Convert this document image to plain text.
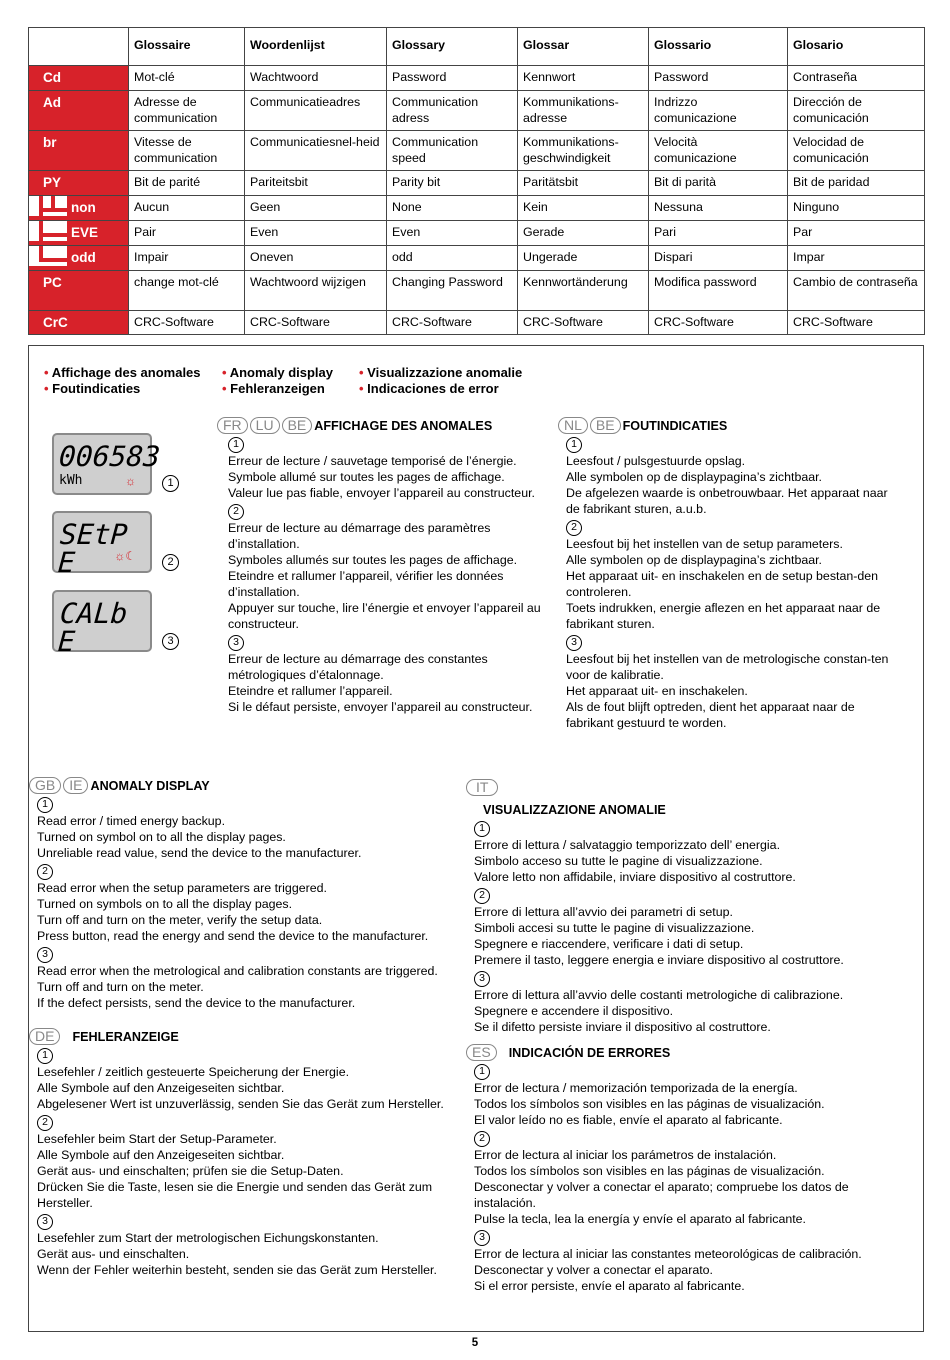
	Glossaire	Woordenlijst	Glossary	Glossar	Glossario	Glosario
Cd	Mot-clé	Wachtwoord	Password	Kennwort	Password	Contraseña
Ad	Adresse de communication	Communicatieadres	Communication adress	Kommunikations-adresse	Indrizzo comunicazione	Dirección de comunicación
br	Vitesse de communication	Communicatiesnel-heid	Communication speed	Kommunikations-geschwindigkeit	Velocità comunicazione	Velocidad de comunicación
PY	Bit de parité	Pariteitsbit	Parity bit	Paritätsbit	Bit di parità	Bit de paridad

non	Aucun	Geen	None	Kein	Nessuna	Ninguno

EVE	Pair	Even	Even	Gerade	Pari	Par

odd	Impair	Oneven	odd	Ungerade	Dispari	Impar
PC	change mot-clé	Wachtwoord wijzigen	Changing Password	Kennwortänderung	Modifica password	Cambio de contraseña
CrC	CRC-Software	CRC-Software	CRC-Software	CRC-Software	CRC-Software	CRC-Software
• Affichage des anomales • Anomaly display • Visualizzazione anomalie
• Foutindicaties	• Fehleranzeigen	• Indicaciones de error
006583
kWh	☼	1
SEtP E	☼☾	2
CALb E	3
FR	LU	BE AFFICHAGE DES ANOMALES
1

Erreur de lecture / sauvetage temporisé de l’énergie.

Symbole allumé sur toutes les pages de affichage.

Valeur lue pas fiable, envoyer l’appareil au constructeur.

2

Erreur de lecture au démarrage des paramètres d’installation.

Symboles allumés sur toutes les pages de affichage.

Eteindre et rallumer l’appareil, vérifier les données d’installation.

Appuyer sur touche, lire l’énergie et envoyer l’appareil au constructeur.

3

Erreur de lecture au démarrage des constantes métrologiques d’étalonnage.

Eteindre et rallumer l’appareil.

Si le défaut persiste, envoyer l’appareil au constructeur.

NL	BE FOUTINDICATIES
1

Leesfout / pulsgestuurde opslag.

Alle symbolen op de displaypagina’s zichtbaar.

De afgelezen waarde is onbetrouwbaar. Het apparaat naar de fabrikant sturen, a.u.b.

2

Leesfout bij het instellen van de setup parameters.

Alle symbolen op de displaypagina’s zichtbaar.

Het apparaat uit- en inschakelen en de setup bestan-den controleren.

Toets indrukken, energie aflezen en het apparaat naar de fabrikant sturen.

3

Leesfout bij het instellen van de metrologische constan-ten voor de kalibratie.

Het apparaat uit- en inschakelen.

Als de fout blijft optreden, dient het apparaat naar de fabrikant gestuurd te worden.

GB	IE ANOMALY DISPLAY
1

Read error / timed energy backup.

Turned on symbol on to all the display pages.

Unreliable read value, send the device to the manufacturer.

2

Read error when the setup parameters are triggered.

Turned on symbols on to all the display pages.

Turn off and turn on the meter, verify the setup data.

Press button, read the energy and send the device to the manufacturer.

3

Read error when the metrological and calibration constants are triggered. Turn off and turn on the meter.

If the defect persists, send the device to the manufacturer.

DE	FEHLERANZEIGE
1

Lesefehler / zeitlich gesteuerte Speicherung der Energie.

Alle Symbole auf den Anzeigeseiten sichtbar.

Abgelesener Wert ist unzuverlässig, senden Sie das Gerät zum Hersteller.

2

Lesefehler beim Start der Setup-Parameter.

Alle Symbole auf den Anzeigeseiten sichtbar.

Gerät aus- und einschalten; prüfen sie die Setup-Daten.

Drücken Sie die Taste, lesen sie die Energie und senden das Gerät zum Hersteller.

3

Lesefehler zum Start der metrologischen Eichungskonstanten.

Gerät aus- und einschalten.

Wenn der Fehler weiterhin besteht, senden sie das Gerät zum Hersteller.

IT
VISUALIZZAZIONE ANOMALIE
1

Errore di lettura / salvataggio temporizzato dell’ energia.

Simbolo acceso su tutte le pagine di visualizzazione.

Valore letto non affidabile, inviare dispositivo al costruttore.

2

Errore di lettura all’avvio dei parametri di setup.

Simboli accesi su tutte le pagine di visualizzazione.

Spegnere e riaccendere, verificare i dati di setup.

Premere il tasto, leggere energia e inviare dispositivo al costruttore.

3

Errore di lettura all’avvio delle costanti metrologiche di calibrazione.

Spegnere e accendere il dispositivo.

Se il difetto persiste inviare il dispositivo al costruttore.

ES	INDICACIÓN DE ERRORES
1

Error de lectura / memorización temporizada de la energía.

Todos los símbolos son visibles en las páginas de visualización.

El valor leído no es fiable, envíe el aparato al fabricante.

2

Error de lectura al iniciar los parámetros de instalación.

Todos los símbolos son visibles en las páginas de visualización.

Desconectar y volver a conectar el aparato; compruebe los datos de instalación.

Pulse la tecla, lea la energía y envíe el aparato al fabricante.

3

Error de lectura al iniciar las constantes meteorológicas de calibración.

Desconectar y volver a conectar el aparato.

Si el error persiste, envíe el aparato al fabricante.

5
